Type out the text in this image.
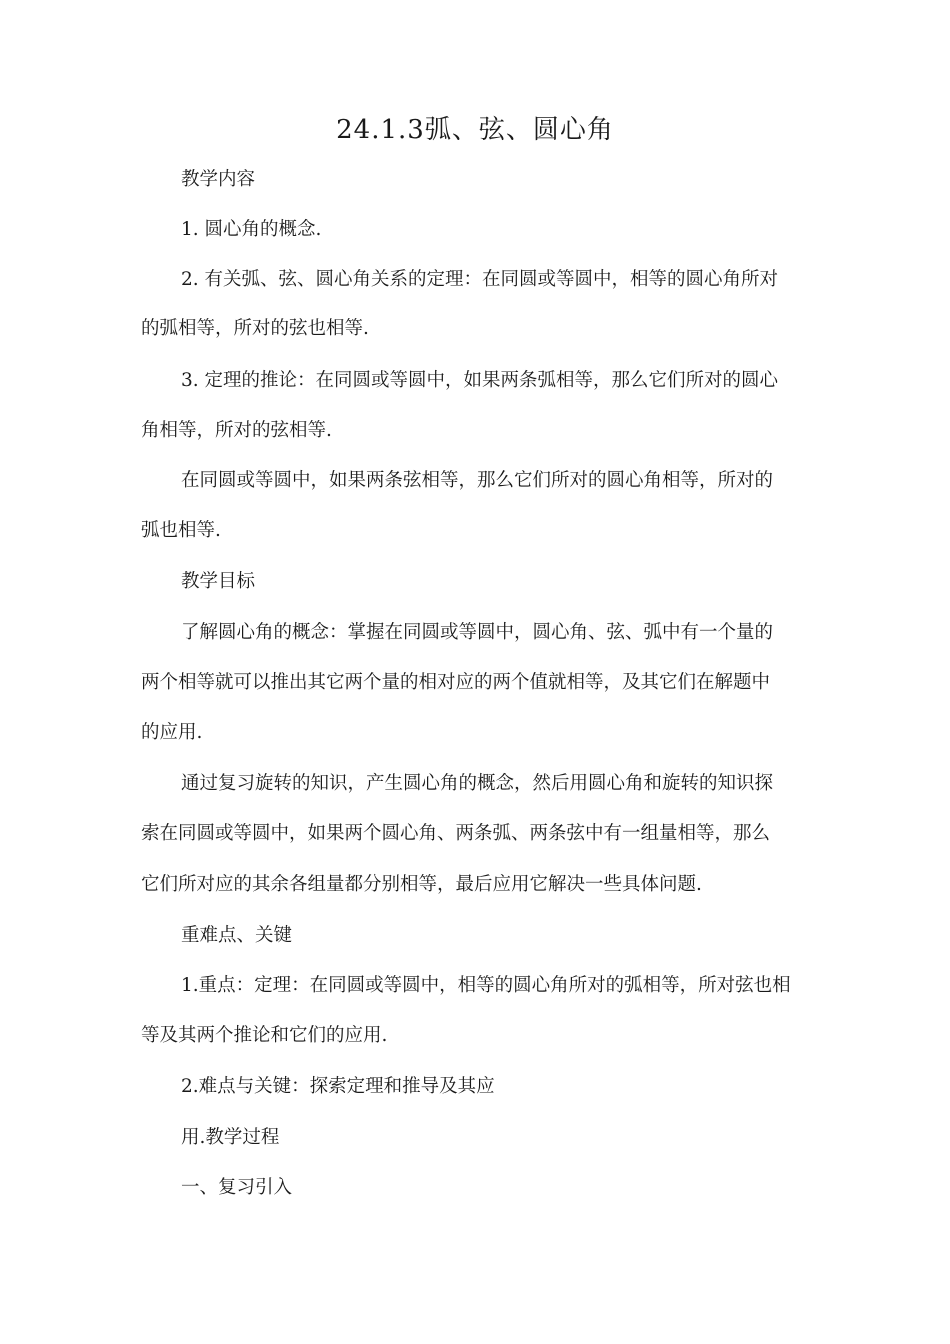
24.1.3弧、弦、圆心角

教学内容

1. 圆心角的概念.

2. 有关弧、弦、圆心角关系的定理：在同圆或等圆中，相等的圆心角所对

的弧相等，所对的弦也相等.

3. 定理的推论：在同圆或等圆中，如果两条弧相等，那么它们所对的圆心

角相等，所对的弦相等.

在同圆或等圆中，如果两条弦相等，那么它们所对的圆心角相等，所对的

弧也相等.

教学目标

了解圆心角的概念：掌握在同圆或等圆中，圆心角、弦、弧中有一个量的

两个相等就可以推出其它两个量的相对应的两个值就相等，及其它们在解题中

的应用.

通过复习旋转的知识，产生圆心角的概念，然后用圆心角和旋转的知识探

索在同圆或等圆中，如果两个圆心角、两条弧、两条弦中有一组量相等，那么

它们所对应的其余各组量都分别相等，最后应用它解决一些具体问题.

重难点、关键

1.重点：定理：在同圆或等圆中，相等的圆心角所对的弧相等，所对弦也相

等及其两个推论和它们的应用.

2.难点与关键：探索定理和推导及其应

用.教学过程

一、复习引入
